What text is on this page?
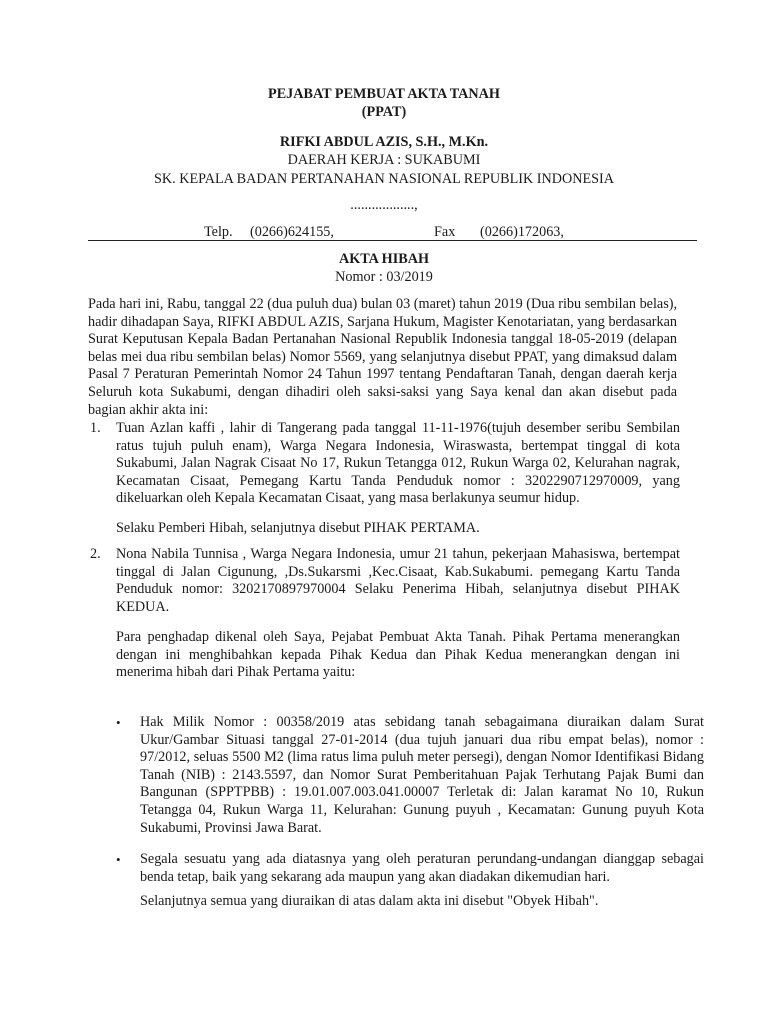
PEJABAT PEMBUAT AKTA TANAH
(PPAT)
RIFKI ABDUL AZIS, S.H., M.Kn.
DAERAH KERJA : SUKABUMI
SK. KEPALA BADAN PERTANAHAN NASIONAL REPUBLIK INDONESIA
..................,
Telp. (0266)624155,	Fax (0266)172063,
AKTA HIBAH
Nomor : 03/2019
Pada hari ini, Rabu, tanggal 22 (dua puluh dua) bulan 03 (maret) tahun 2019 (Dua ribu sembilan belas), hadir dihadapan Saya, RIFKI ABDUL AZIS, Sarjana Hukum, Magister Kenotariatan, yang berdasarkan Surat Keputusan Kepala Badan Pertanahan Nasional Republik Indonesia tanggal 18-05-2019 (delapan belas mei dua ribu sembilan belas) Nomor 5569, yang selanjutnya disebut PPAT, yang dimaksud dalam Pasal 7 Peraturan Pemerintah Nomor 24 Tahun 1997 tentang Pendaftaran Tanah, dengan daerah kerja Seluruh kota Sukabumi, dengan dihadiri oleh saksi-saksi yang Saya kenal dan akan disebut pada bagian akhir akta ini:
1. Tuan Azlan kaffi , lahir di Tangerang pada tanggal 11-11-1976(tujuh desember seribu Sembilan ratus tujuh puluh enam), Warga Negara Indonesia, Wiraswasta, bertempat tinggal di kota Sukabumi, Jalan Nagrak Cisaat No 17, Rukun Tetangga 012, Rukun Warga 02, Kelurahan nagrak, Kecamatan Cisaat, Pemegang Kartu Tanda Penduduk nomor : 3202290712970009, yang dikeluarkan oleh Kepala Kecamatan Cisaat, yang masa berlakunya seumur hidup.
Selaku Pemberi Hibah, selanjutnya disebut PIHAK PERTAMA.
2. Nona Nabila Tunnisa , Warga Negara Indonesia, umur 21 tahun, pekerjaan Mahasiswa, bertempat tinggal di Jalan Cigunung, ,Ds.Sukarsmi ,Kec.Cisaat, Kab.Sukabumi. pemegang Kartu Tanda Penduduk nomor: 3202170897970004 Selaku Penerima Hibah, selanjutnya disebut PIHAK KEDUA.
Para penghadap dikenal oleh Saya, Pejabat Pembuat Akta Tanah. Pihak Pertama menerangkan dengan ini menghibahkan kepada Pihak Kedua dan Pihak Kedua menerangkan dengan ini menerima hibah dari Pihak Pertama yaitu:
• Hak Milik Nomor : 00358/2019 atas sebidang tanah sebagaimana diuraikan dalam Surat Ukur/Gambar Situasi tanggal 27-01-2014 (dua tujuh januari dua ribu empat belas), nomor : 97/2012, seluas 5500 M2 (lima ratus lima puluh meter persegi), dengan Nomor Identifikasi Bidang Tanah (NIB) : 2143.5597, dan Nomor Surat Pemberitahuan Pajak Terhutang Pajak Bumi dan Bangunan (SPPTPBB) : 19.01.007.003.041.00007 Terletak di: Jalan karamat No 10, Rukun Tetangga 04, Rukun Warga 11, Kelurahan: Gunung puyuh , Kecamatan: Gunung puyuh Kota Sukabumi, Provinsi Jawa Barat.
• Segala sesuatu yang ada diatasnya yang oleh peraturan perundang-undangan dianggap sebagai benda tetap, baik yang sekarang ada maupun yang akan diadakan dikemudian hari.
Selanjutnya semua yang diuraikan di atas dalam akta ini disebut "Obyek Hibah".
